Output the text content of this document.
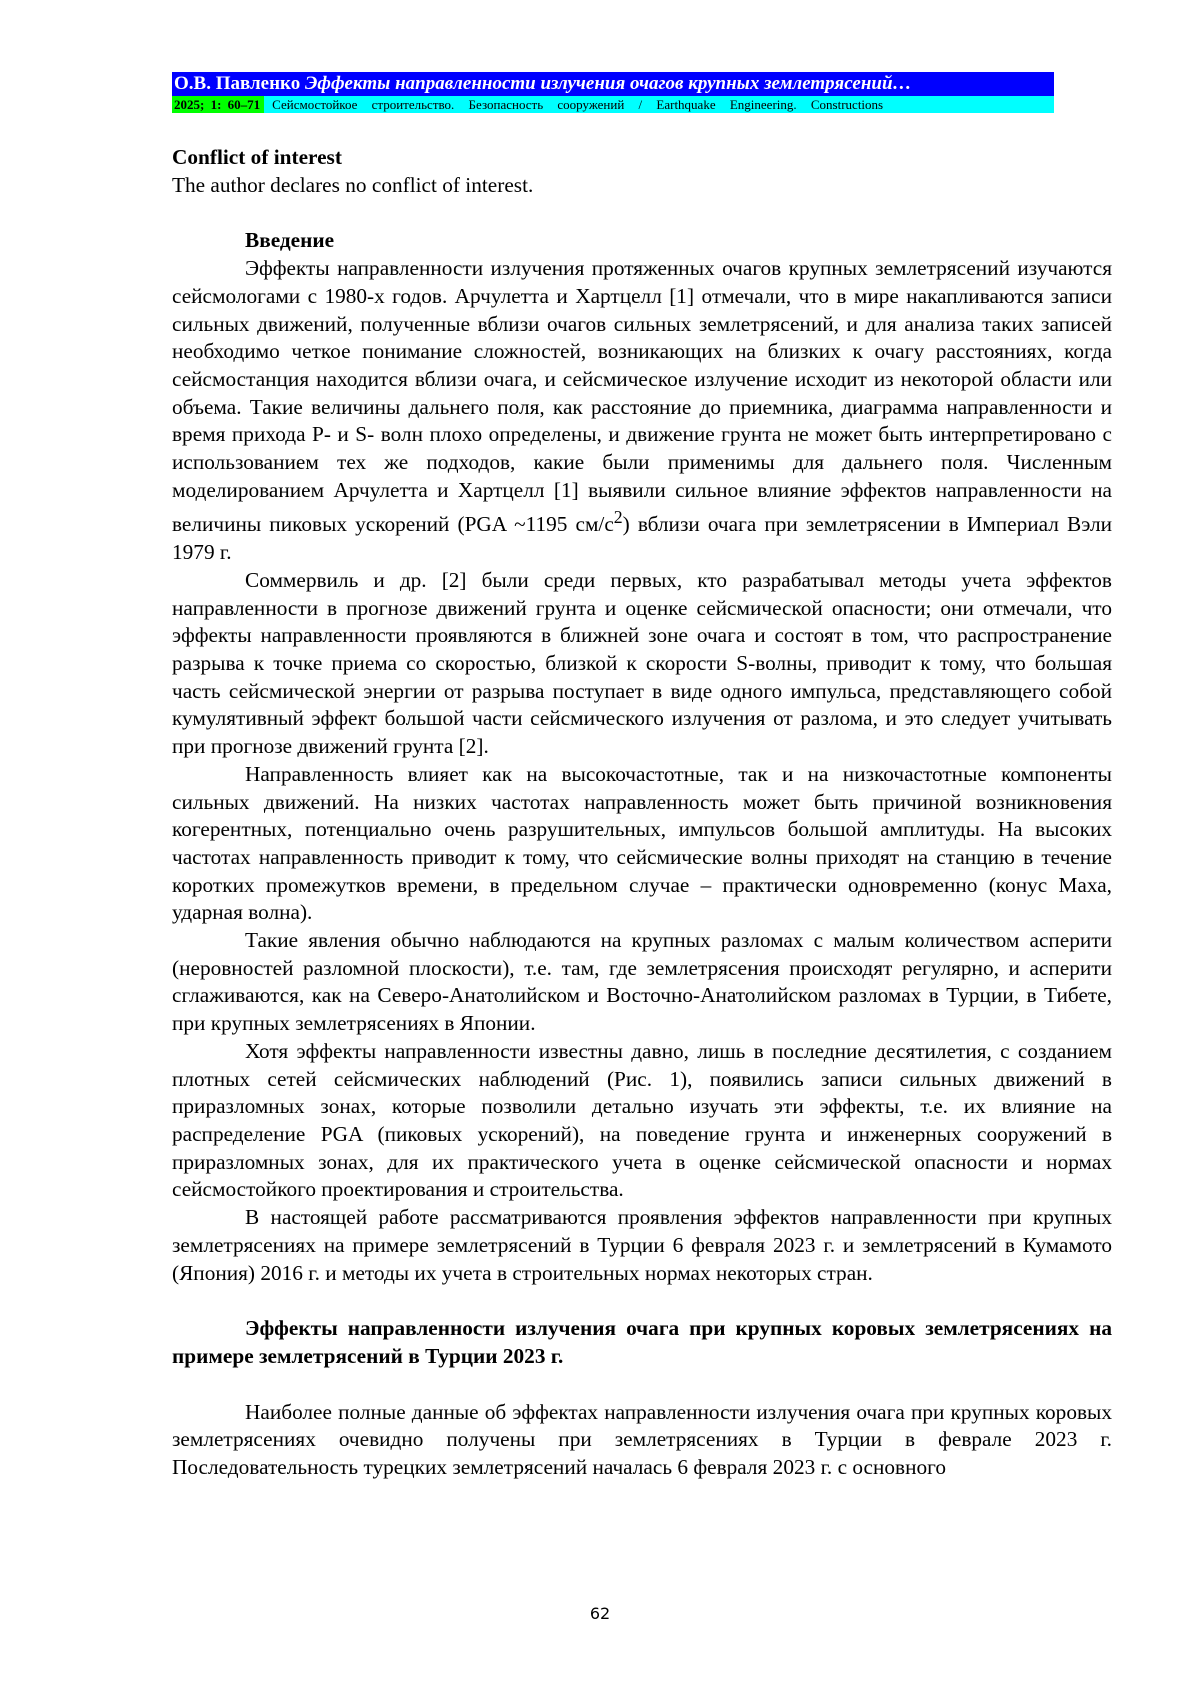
О.В. Павленко Эффекты направленности излучения очагов крупных землетрясений…
2025; 1: 60–71 Сейсмостойкое строительство. Безопасность сооружений / Earthquake Engineering. Constructions

Conflict of interest

The author declares no conflict of interest.

Введение

Эффекты направленности излучения протяженных очагов крупных землетрясений изучаются сейсмологами с 1980-х годов. Арчулетта и Хартцелл [1] отмечали, что в мире накапливаются записи сильных движений, полученные вблизи очагов сильных землетрясений, и для анализа таких записей необходимо четкое понимание сложностей, возникающих на близких к очагу расстояниях, когда сейсмостанция находится вблизи очага, и сейсмическое излучение исходит из некоторой области или объема. Такие величины дальнего поля, как расстояние до приемника, диаграмма направленности и время прихода P- и S- волн плохо определены, и движение грунта не может быть интерпретировано с использованием тех же подходов, какие были применимы для дальнего поля. Численным моделированием Арчулетта и Хартцелл [1] выявили сильное влияние эффектов направленности на величины пиковых ускорений (PGA ~1195 см/с2) вблизи очага при землетрясении в Империал Вэли 1979 г.

Соммервиль и др. [2] были среди первых, кто разрабатывал методы учета эффектов направленности в прогнозе движений грунта и оценке сейсмической опасности; они отмечали, что эффекты направленности проявляются в ближней зоне очага и состоят в том, что распространение разрыва к точке приема со скоростью, близкой к скорости S-волны, приводит к тому, что большая часть сейсмической энергии от разрыва поступает в виде одного импульса, представляющего собой кумулятивный эффект большой части сейсмического излучения от разлома, и это следует учитывать при прогнозе движений грунта [2].

Направленность влияет как на высокочастотные, так и на низкочастотные компоненты сильных движений. На низких частотах направленность может быть причиной возникновения когерентных, потенциально очень разрушительных, импульсов большой амплитуды. На высоких частотах направленность приводит к тому, что сейсмические волны приходят на станцию в течение коротких промежутков времени, в предельном случае – практически одновременно (конус Маха, ударная волна).

Такие явления обычно наблюдаются на крупных разломах с малым количеством асперити (неровностей разломной плоскости), т.е. там, где землетрясения происходят регулярно, и асперити сглаживаются, как на Северо-Анатолийском и Восточно-Анатолийском разломах в Турции, в Тибете, при крупных землетрясениях в Японии.

Хотя эффекты направленности известны давно, лишь в последние десятилетия, с созданием плотных сетей сейсмических наблюдений (Рис. 1), появились записи сильных движений в приразломных зонах, которые позволили детально изучать эти эффекты, т.е. их влияние на распределение PGA (пиковых ускорений), на поведение грунта и инженерных сооружений в приразломных зонах, для их практического учета в оценке сейсмической опасности и нормах сейсмостойкого проектирования и строительства.

В настоящей работе рассматриваются проявления эффектов направленности при крупных землетрясениях на примере землетрясений в Турции 6 февраля 2023 г. и землетрясений в Кумамото (Япония) 2016 г. и методы их учета в строительных нормах некоторых стран.

Эффекты направленности излучения очага при крупных коровых землетрясениях на примере землетрясений в Турции 2023 г.

Наиболее полные данные об эффектах направленности излучения очага при крупных коровых землетрясениях очевидно получены при землетрясениях в Турции в феврале 2023 г. Последовательность турецких землетрясений началась 6 февраля 2023 г. с основного

62
